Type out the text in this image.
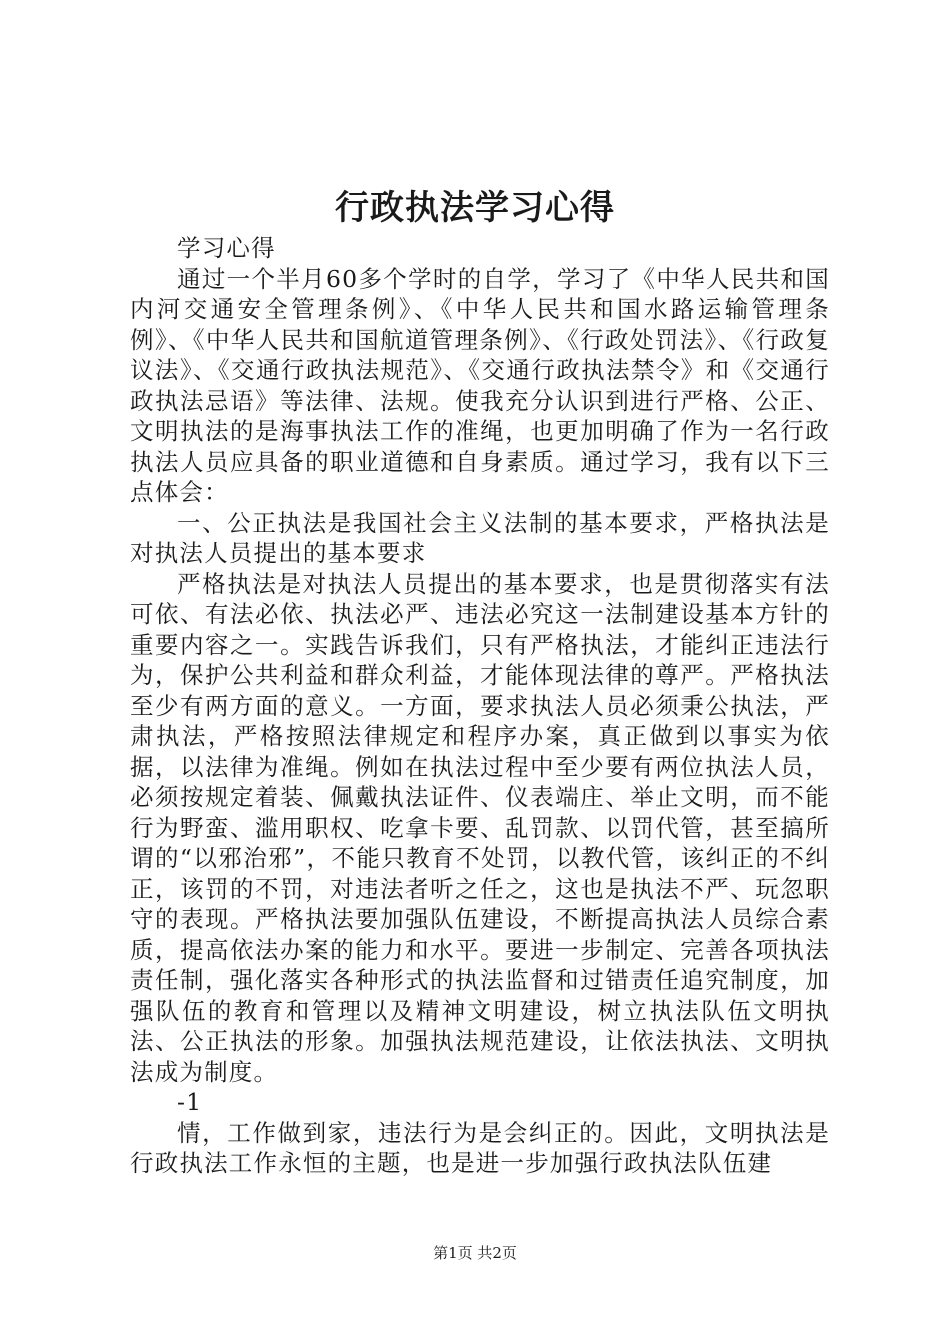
行政执法学习心得

学习心得

通过一个半月60多个学时的自学，学习了《中华人民共和国内河交通安全管理条例》、《中华人民共和国水路运输管理条例》、《中华人民共和国航道管理条例》、《行政处罚法》、《行政复议法》、《交通行政执法规范》、《交通行政执法禁令》和《交通行政执法忌语》等法律、法规。使我充分认识到进行严格、公正、文明执法的是海事执法工作的准绳，也更加明确了作为一名行政执法人员应具备的职业道德和自身素质。通过学习，我有以下三点体会：

一、公正执法是我国社会主义法制的基本要求，严格执法是对执法人员提出的基本要求

严格执法是对执法人员提出的基本要求，也是贯彻落实有法可依、有法必依、执法必严、违法必究这一法制建设基本方针的重要内容之一。实践告诉我们，只有严格执法，才能纠正违法行为，保护公共利益和群众利益，才能体现法律的尊严。严格执法至少有两方面的意义。一方面，要求执法人员必须秉公执法，严肃执法，严格按照法律规定和程序办案，真正做到以事实为依据，以法律为准绳。例如在执法过程中至少要有两位执法人员，必须按规定着装、佩戴执法证件、仪表端庄、举止文明，而不能行为野蛮、滥用职权、吃拿卡要、乱罚款、以罚代管，甚至搞所谓的“以邪治邪”，不能只教育不处罚，以教代管，该纠正的不纠正，该罚的不罚，对违法者听之任之，这也是执法不严、玩忽职守的表现。严格执法要加强队伍建设，不断提高执法人员综合素质，提高依法办案的能力和水平。要进一步制定、完善各项执法责任制，强化落实各种形式的执法监督和过错责任追究制度，加强队伍的教育和管理以及精神文明建设，树立执法队伍文明执法、公正执法的形象。加强执法规范建设，让依法执法、文明执法成为制度。

-1

情，工作做到家，违法行为是会纠正的。因此，文明执法是行政执法工作永恒的主题，也是进一步加强行政执法队伍建

第1页 共2页
